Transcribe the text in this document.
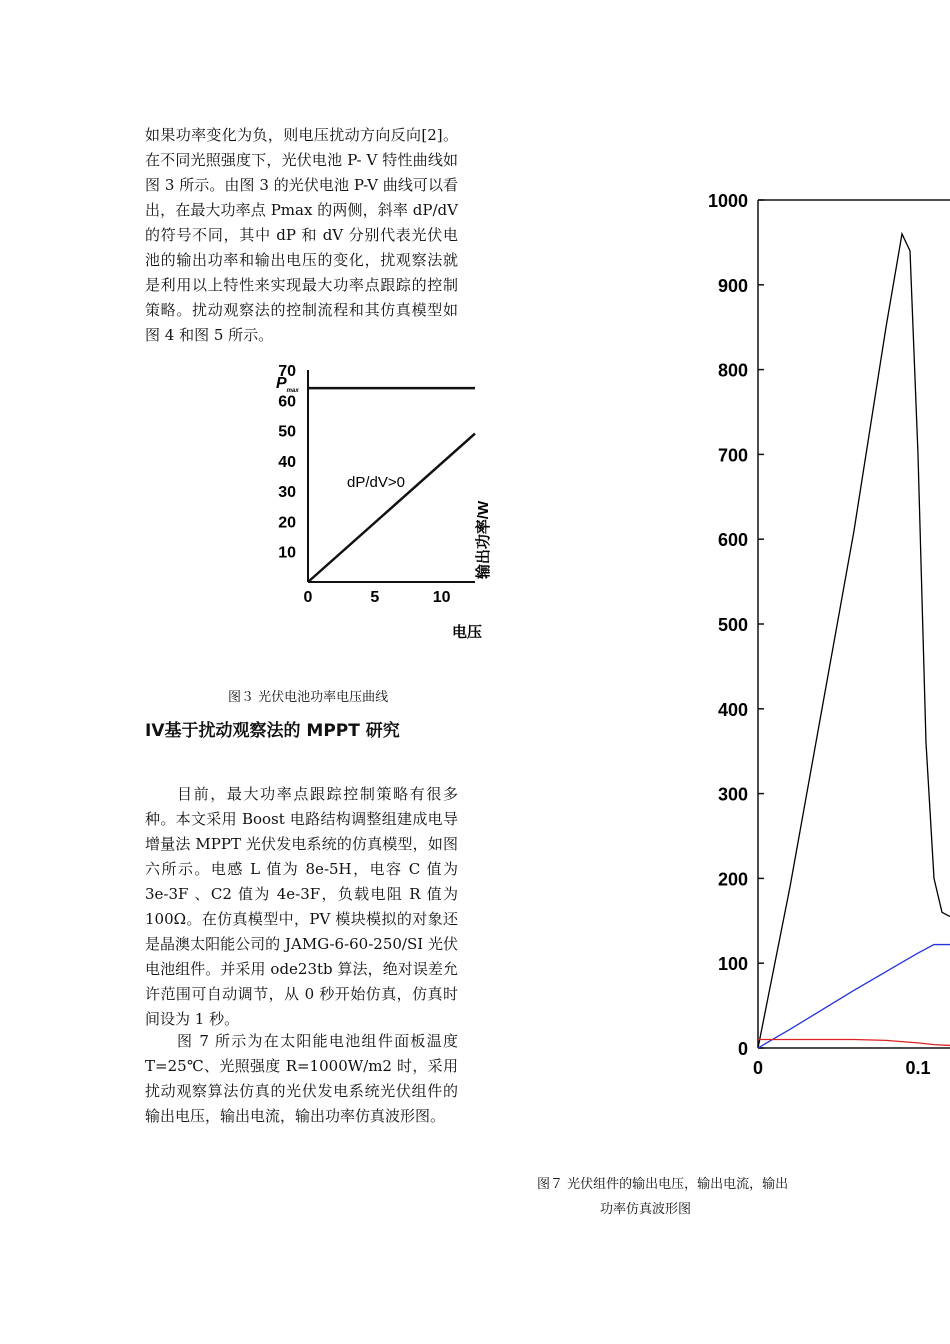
如果功率变化为负，则电压扰动方向反向[2]。在不同光照强度下，光伏电池 P- V 特性曲线如图 3 所示。由图 3 的光伏电池 P-V 曲线可以看出，在最大功率点 Pmax 的两侧，斜率 dP/dV 的符号不同，其中 dP 和 dV 分别代表光伏电池的输出功率和输出电压的变化，扰观察法就是利用以上特性来实现最大功率点跟踪的控制策略。扰动观察法的控制流程和其仿真模型如图 4 和图 5 所示。

输出功率/W
70
60
50
40
30
20
10
0	5	10
$P_{max}$
dP/dV>0
电压
图３ 光伏电池功率电压曲线
IV基于扰动观察法的 MPPT 研究

目前，最大功率点跟踪控制策略有很多种。本文采用 Boost 电路结构调整组建成电导增量法 MPPT 光伏发电系统的仿真模型，如图六所示。电感 L 值为 8e-5H，电容 C 值为 3e-3F 、C2 值为 4e-3F，负载电阻 R 值为 100Ω。在仿真模型中，PV 模块模拟的对象还是晶澳太阳能公司的 JAMG-6-60-250/SI 光伏电池组件。并采用 ode23tb 算法，绝对误差允许范围可自动调节，从 0 秒开始仿真，仿真时间设为 1 秒。

图 7 所示为在太阳能电池组件面板温度 T=25℃、光照强度 R=1000W/m2 时，采用扰动观察算法仿真的光伏发电系统光伏组件的输出电压，输出电流，输出功率仿真波形图。

1000
900
800
700
600
500
400
300
200
100
0
0	0.1
图７ 光伏组件的输出电压，输出电流，输出
功率仿真波形图
